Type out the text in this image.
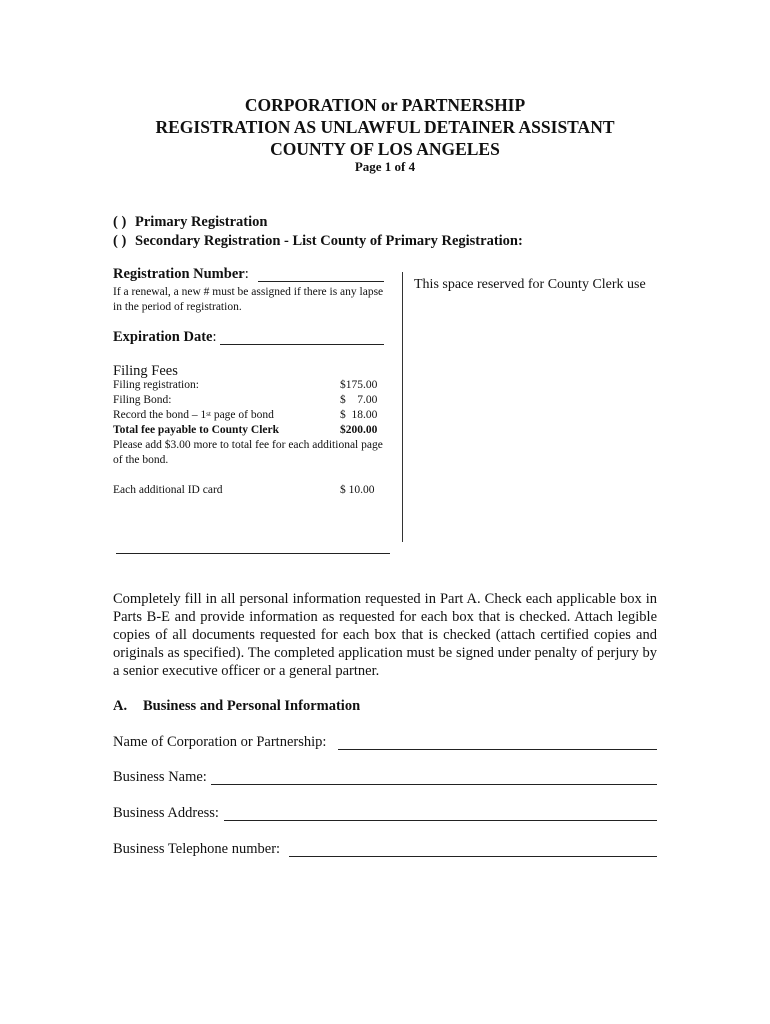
CORPORATION or PARTNERSHIP
REGISTRATION AS UNLAWFUL DETAINER ASSISTANT
COUNTY OF LOS ANGELES
Page 1 of 4
( ) Primary Registration
( ) Secondary Registration - List County of Primary Registration:
Registration Number:
If a renewal, a new # must be assigned if there is any lapse in the period of registration.
This space reserved for County Clerk use
Expiration Date:
Filing Fees
Filing registration:	$175.00
Filing Bond:	$    7.00
Record the bond – 1st page of bond	$  18.00
Total fee payable to County Clerk	$200.00
Please add $3.00 more to total fee for each additional page of the bond.
Each additional ID card	$ 10.00
Completely fill in all personal information requested in Part A. Check each applicable box in Parts B-E and provide information as requested for each box that is checked. Attach legible copies of all documents requested for each box that is checked (attach certified copies and originals as specified). The completed application must be signed under penalty of perjury by a senior executive officer or a general partner.
A. Business and Personal Information
Name of Corporation or Partnership:
Business Name:
Business Address:
Business Telephone number:
